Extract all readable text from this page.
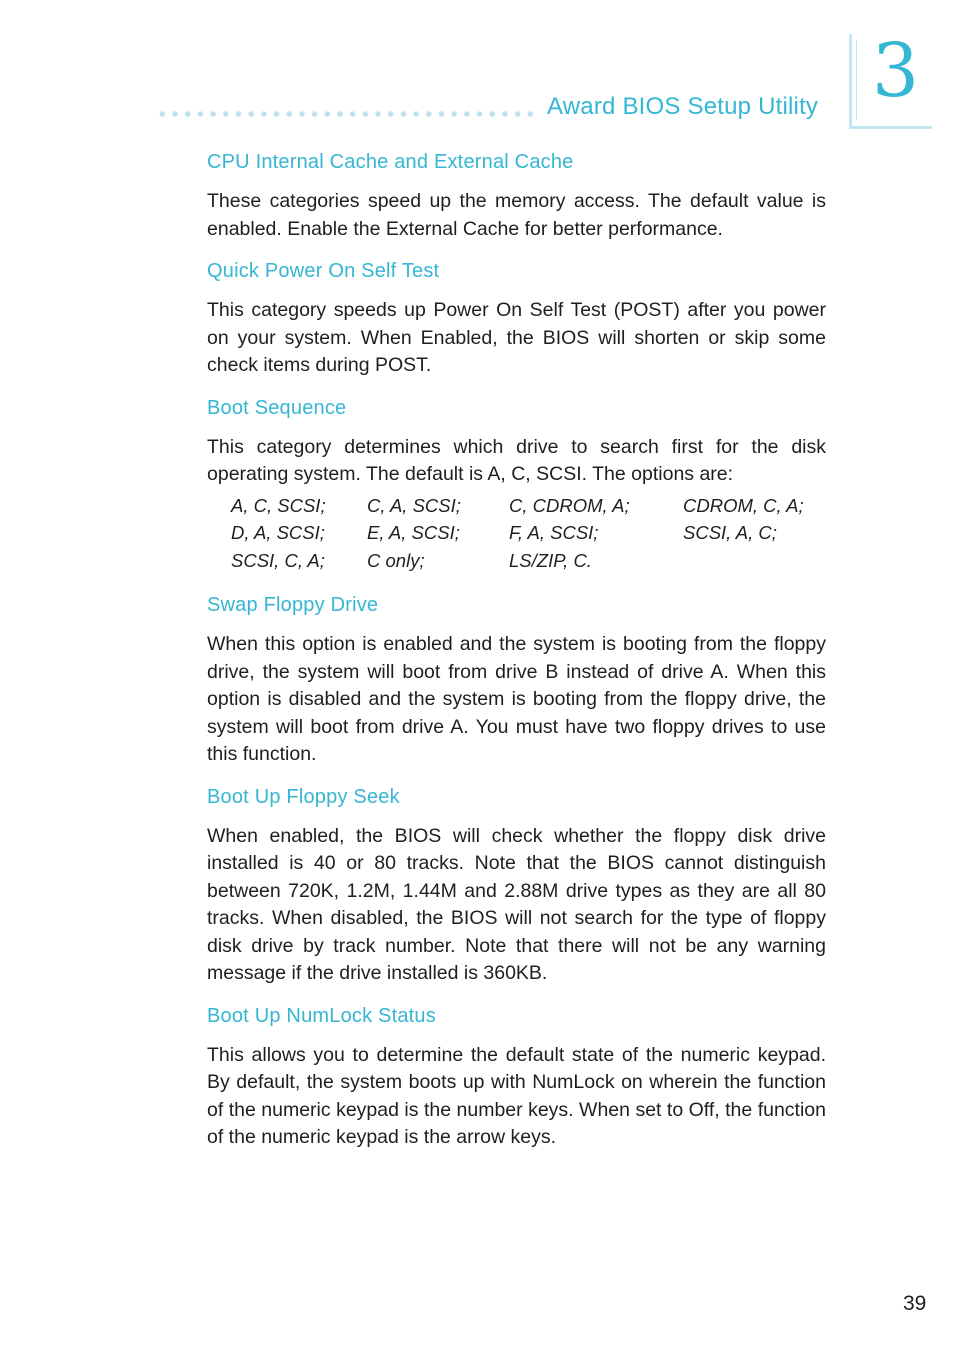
Award BIOS Setup Utility 3
CPU Internal Cache and External Cache

These categories speed up the memory access. The default value is enabled. Enable the External Cache for better performance.

Quick Power On Self Test

This category speeds up Power On Self Test (POST) after you power on your system. When Enabled, the BIOS will shorten or skip some check items during POST.

Boot Sequence

This category determines which drive to search first for the disk operating system. The default is A, C, SCSI. The options are:

A, C, SCSI;	C, A, SCSI;	C, CDROM, A;	CDROM, C, A;
D, A, SCSI;	E, A, SCSI;	F, A, SCSI;	SCSI, A, C;
SCSI, C, A;	C only;	LS/ZIP, C.	
Swap Floppy Drive

When this option is enabled and the system is booting from the floppy drive, the system will boot from drive B instead of drive A. When this option is disabled and the system is booting from the floppy drive, the system will boot from drive A. You must have two floppy drives to use this function.

Boot Up Floppy Seek

When enabled, the BIOS will check whether the floppy disk drive installed is 40 or 80 tracks. Note that the BIOS cannot distinguish between 720K, 1.2M, 1.44M and 2.88M drive types as they are all 80 tracks. When disabled, the BIOS will not search for the type of floppy disk drive by track number. Note that there will not be any warning message if the drive installed is 360KB.

Boot Up NumLock Status

This allows you to determine the default state of the numeric keypad. By default, the system boots up with NumLock on wherein the function of the numeric keypad is the number keys. When set to Off, the function of the numeric keypad is the arrow keys.

39
